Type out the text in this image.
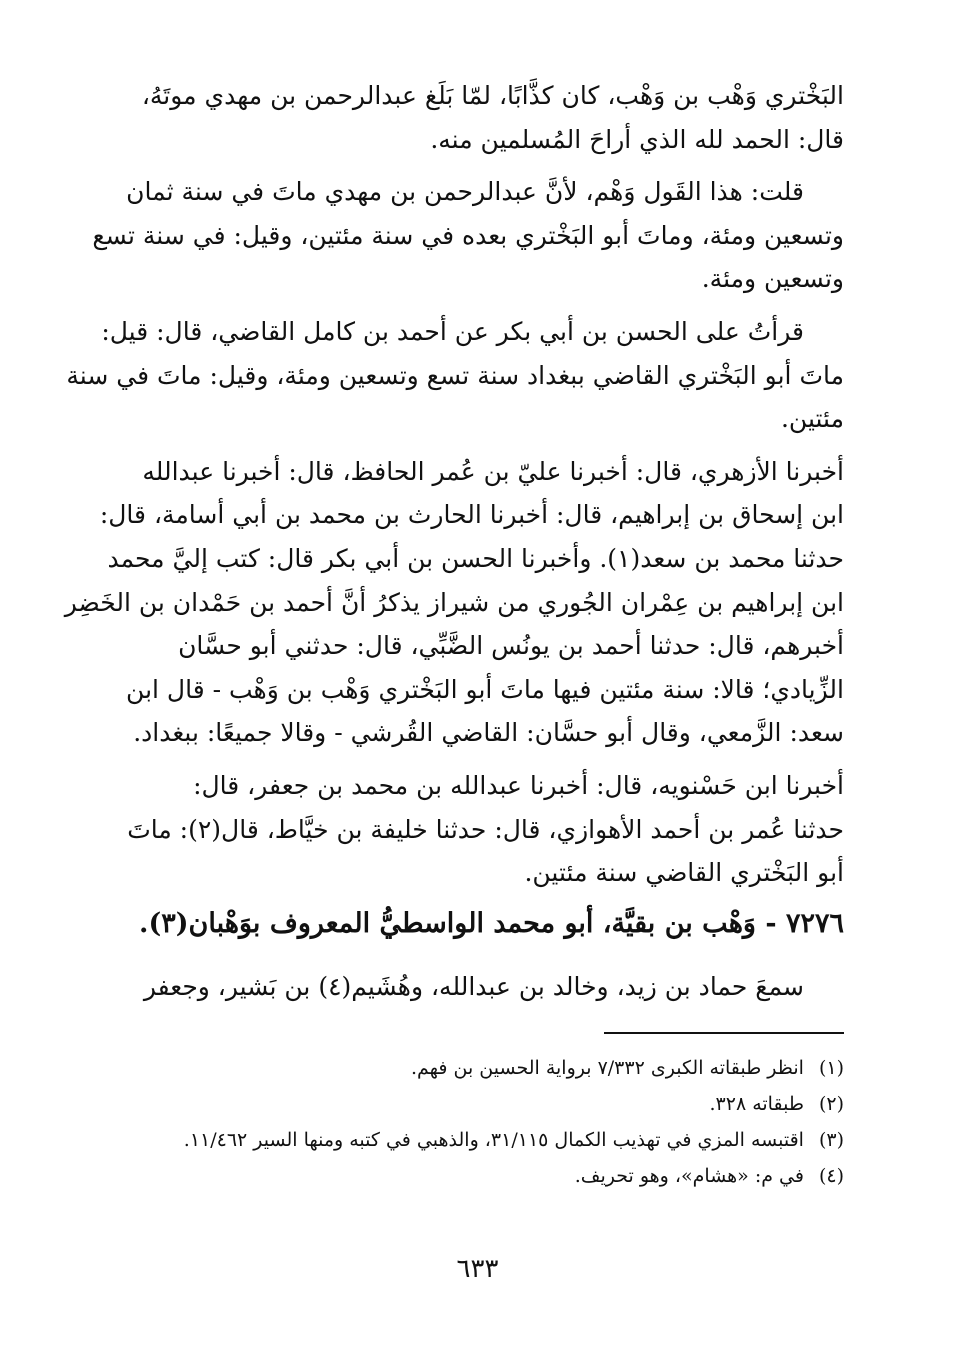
البَخْتري وَهْب بن وَهْب، كان كذَّابًا، لمّا بَلَغ عبدالرحمن بن مهدي موتَهُ،
قال: الحمد لله الذي أراحَ المُسلمين منه.
قلت: هذا القَول وَهْم، لأنَّ عبدالرحمن بن مهدي ماتَ في سنة ثمان
وتسعين ومئة، وماتَ أبو البَخْتري بعده في سنة مئتين، وقيل: في سنة تسع
وتسعين ومئة.
قرأتُ على الحسن بن أبي بكر عن أحمد بن كامل القاضي، قال: قيل:
ماتَ أبو البَخْتري القاضي ببغداد سنة تسع وتسعين ومئة، وقيل: ماتَ في سنة
مئتين.
أخبرنا الأزهري، قال: أخبرنا عليّ بن عُمر الحافظ، قال: أخبرنا عبدالله
ابن إسحاق بن إبراهيم، قال: أخبرنا الحارث بن محمد بن أبي أسامة، قال:
حدثنا محمد بن سعد(١). وأخبرنا الحسن بن أبي بكر قال: كتب إليَّ محمد
ابن إبراهيم بن عِمْران الجُوري من شيراز يذكرُ أنَّ أحمد بن حَمْدان بن الخَضِر
أخبرهم، قال: حدثنا أحمد بن يونُس الضَّبِّي، قال: حدثني أبو حسَّان
الزِّيادي؛ قالا: سنة مئتين فيها ماتَ أبو البَخْتري وَهْب بن وَهْب - قال ابن
سعد: الزَّمعي، وقال أبو حسَّان: القاضي القُرشي - وقالا جميعًا: ببغداد.
أخبرنا ابن حَسْنويه، قال: أخبرنا عبدالله بن محمد بن جعفر، قال:
حدثنا عُمر بن أحمد الأهوازي، قال: حدثنا خليفة بن خيَّاط، قال(٢): ماتَ
أبو البَخْتري القاضي سنة مئتين.
٧٢٧٦ - وَهْب بن بقيَّة، أبو محمد الواسطيُّ المعروف بوَهْبان(٣).
سمعَ حماد بن زيد، وخالد بن عبدالله، وهُشَيم(٤) بن بَشير، وجعفر

(١) انظر طبقاته الكبرى ٧/٣٣٢ برواية الحسين بن فهم.

(٢) طبقاته ٣٢٨.

(٣) اقتبسه المزي في تهذيب الكمال ٣١/١١٥، والذهبي في كتبه ومنها السير ١١/٤٦٢.

(٤) في م: «هشام»، وهو تحريف.

٦٣٣
